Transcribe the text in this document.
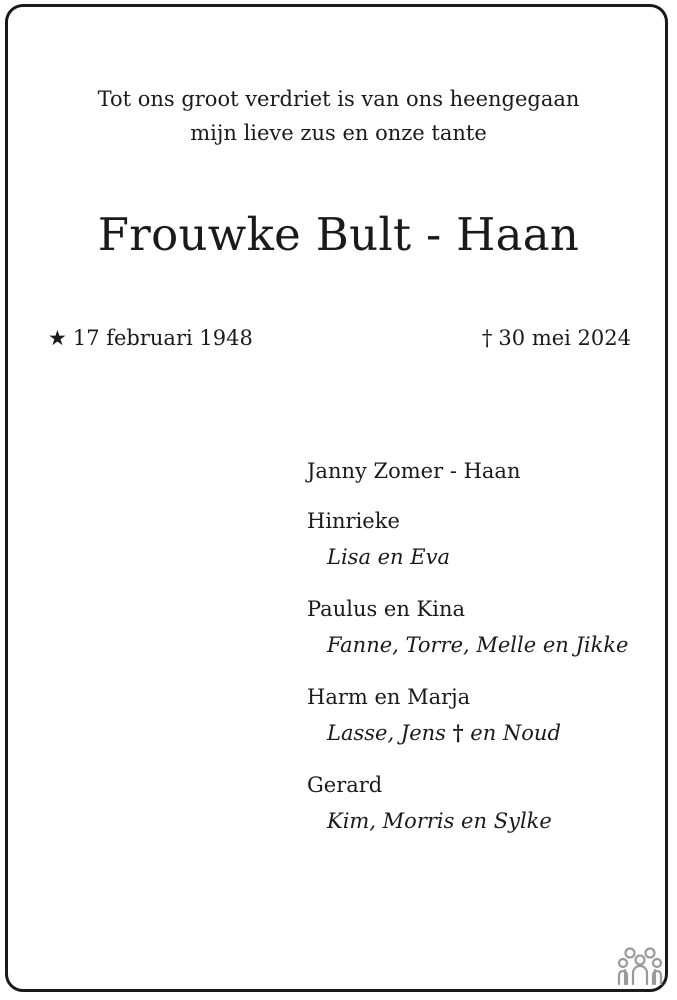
Tot ons groot verdriet is van ons heengegaan
mijn lieve zus en onze tante
Frouwke Bult - Haan
★ 17 februari 1948	† 30 mei 2024
Janny Zomer - Haan
Hinrieke
Lisa en Eva
Paulus en Kina
Fanne, Torre, Melle en Jikke
Harm en Marja
Lasse, Jens † en Noud
Gerard
Kim, Morris en Sylke
